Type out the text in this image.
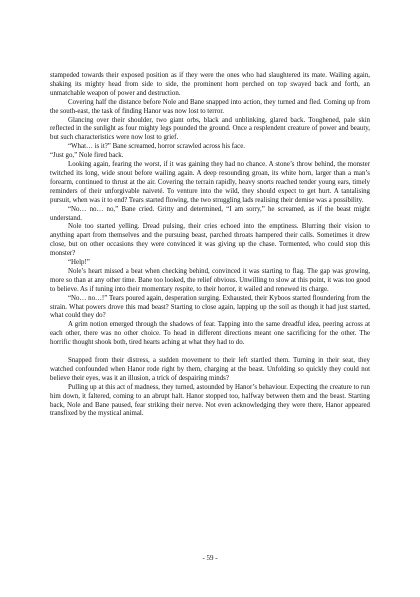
stampeded towards their exposed position as if they were the ones who had slaughtered its mate. Wailing again, shaking its mighty head from side to side, the prominent horn perched on top swayed back and forth, an unmatchable weapon of power and destruction.

Covering half the distance before Nole and Bane snapped into action, they turned and fled. Coming up from the south-east, the task of finding Hanor was now lost to terror.

Glancing over their shoulder, two giant orbs, black and unblinking, glared back. Toughened, pale skin reflected in the sunlight as four mighty legs pounded the ground. Once a resplendent creature of power and beauty, but such characteristics were now lost to grief.

“What… is it?” Bane screamed, horror scrawled across his face.

“Just go,” Nole fired back.

Looking again, fearing the worst, if it was gaining they had no chance. A stone’s throw behind, the monster twitched its long, wide snout before wailing again. A deep resounding groan, its white horn, larger than a man’s forearm, continued to thrust at the air. Covering the terrain rapidly, heavy snorts reached tender young ears, timely reminders of their unforgivable naiveté. To venture into the wild, they should expect to get hurt. A tantalising pursuit, when was it to end? Tears started flowing, the two struggling lads realising their demise was a possibility.

“No… no… no,” Bane cried. Gritty and determined, “I am sorry,” he screamed, as if the beast might understand.

Nole too started yelling. Dread pulsing, their cries echoed into the emptiness. Blurring their vision to anything apart from themselves and the pursuing beast, parched throats hampered their calls. Sometimes it drew close, but on other occasions they were convinced it was giving up the chase. Tormented, who could stop this monster?

“Help!”

Nole’s heart missed a beat when checking behind, convinced it was starting to flag. The gap was growing, more so than at any other time. Bane too looked, the relief obvious. Unwilling to slow at this point, it was too good to believe. As if tuning into their momentary respite, to their horror, it wailed and renewed its charge.

“No… no…!” Tears poured again, desperation surging. Exhausted, their Kyboos started floundering from the strain. What powers drove this mad beast? Starting to close again, lapping up the soil as though it had just started, what could they do?

A grim notion emerged through the shadows of fear. Tapping into the same dreadful idea, peering across at each other, there was no other choice. To head in different directions meant one sacrificing for the other. The horrific thought shook both, tired hearts aching at what they had to do.

Snapped from their distress, a sudden movement to their left startled them. Turning in their seat, they watched confounded when Hanor rode right by them, charging at the beast. Unfolding so quickly they could not believe their eyes, was it an illusion, a trick of despairing minds?

Pulling up at this act of madness, they turned, astounded by Hanor’s behaviour. Expecting the creature to run him down, it faltered, coming to an abrupt halt. Hanor stopped too, halfway between them and the beast. Starting back, Nole and Bane paused, fear striking their nerve. Not even acknowledging they were there, Hanor appeared transfixed by the mystical animal.

- 59 -
